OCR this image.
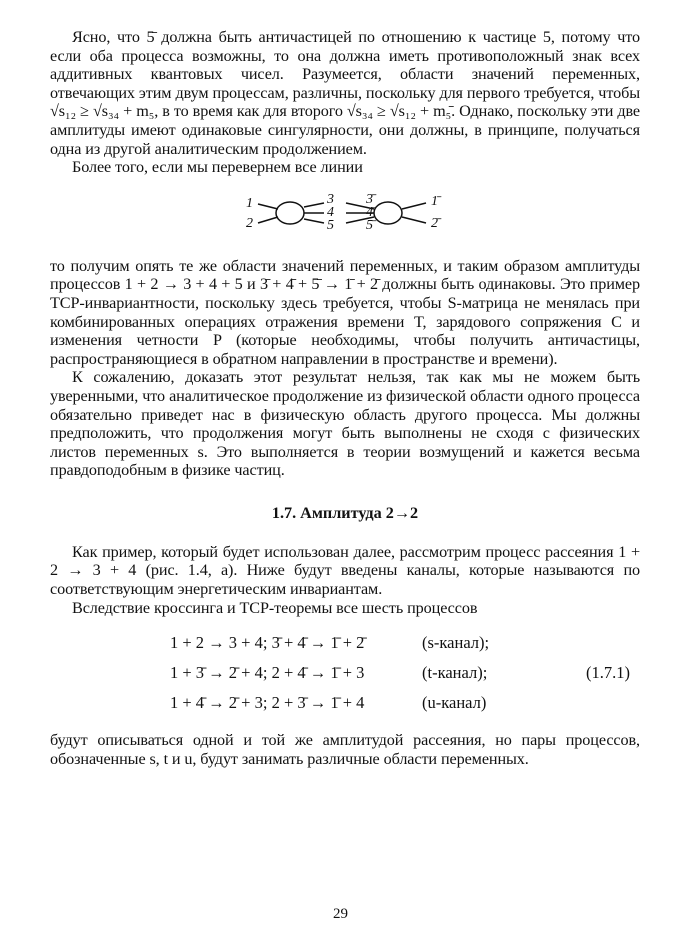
Ясно, что 5̄ должна быть античастицей по отношению к частице 5, потому что если оба процесса возможны, то она должна иметь противоположный знак всех аддитивных квантовых чисел. Разумеется, области значений переменных, отвечающих этим двум процессам, различны, поскольку для первого требуется, чтобы √s₁₂ ≥ √s₃₄ + m₅, в то время как для второго √s₃₄ ≥ √s₁₂ + m₅̄. Однако, поскольку эти две амплитуды имеют одинаковые сингулярности, они должны, в принципе, получаться одна из другой аналитическим продолжением.

Более того, если мы перевернем все линии

1
2
3
4
5
3̄
4̄
5̄
1̄
2̄

то получим опять те же области значений переменных, и таким образом амплитуды процессов 1 + 2 → 3 + 4 + 5 и 3̄ + 4̄ + 5̄ → 1̄ + 2̄ должны быть одинаковы. Это пример TCP-инвариантности, поскольку здесь требуется, чтобы S-матрица не менялась при комбинированных операциях отражения времени T, зарядового сопряжения C и изменения четности P (которые необходимы, чтобы получить античастицы, распространяющиеся в обратном направлении в пространстве и времени).

К сожалению, доказать этот результат нельзя, так как мы не можем быть уверенными, что аналитическое продолжение из физической области одного процесса обязательно приведет нас в физическую область другого процесса. Мы должны предположить, что продолжения могут быть выполнены не сходя с физических листов переменных s. Это выполняется в теории возмущений и кажется весьма правдоподобным в физике частиц.

1.7. Амплитуда 2→2

Как пример, который будет использован далее, рассмотрим процесс рассеяния 1 + 2 → 3 + 4 (рис. 1.4, а). Ниже будут введены каналы, которые называются по соответствующим энергетическим инвариантам.

Вследствие кроссинга и TCP-теоремы все шесть процессов

1 + 2 → 3 + 4; 3̄ + 4̄ → 1̄ + 2̄	(s-канал);
1 + 3̄ → 2̄ + 4; 2 + 4̄ → 1̄ + 3	(t-канал);
1 + 4̄ → 2̄ + 3; 2 + 3̄ → 1̄ + 4	(u-канал)
(1.7.1)

будут описываться одной и той же амплитудой рассеяния, но пары процессов, обозначенные s, t и u, будут занимать различные области переменных.

29
